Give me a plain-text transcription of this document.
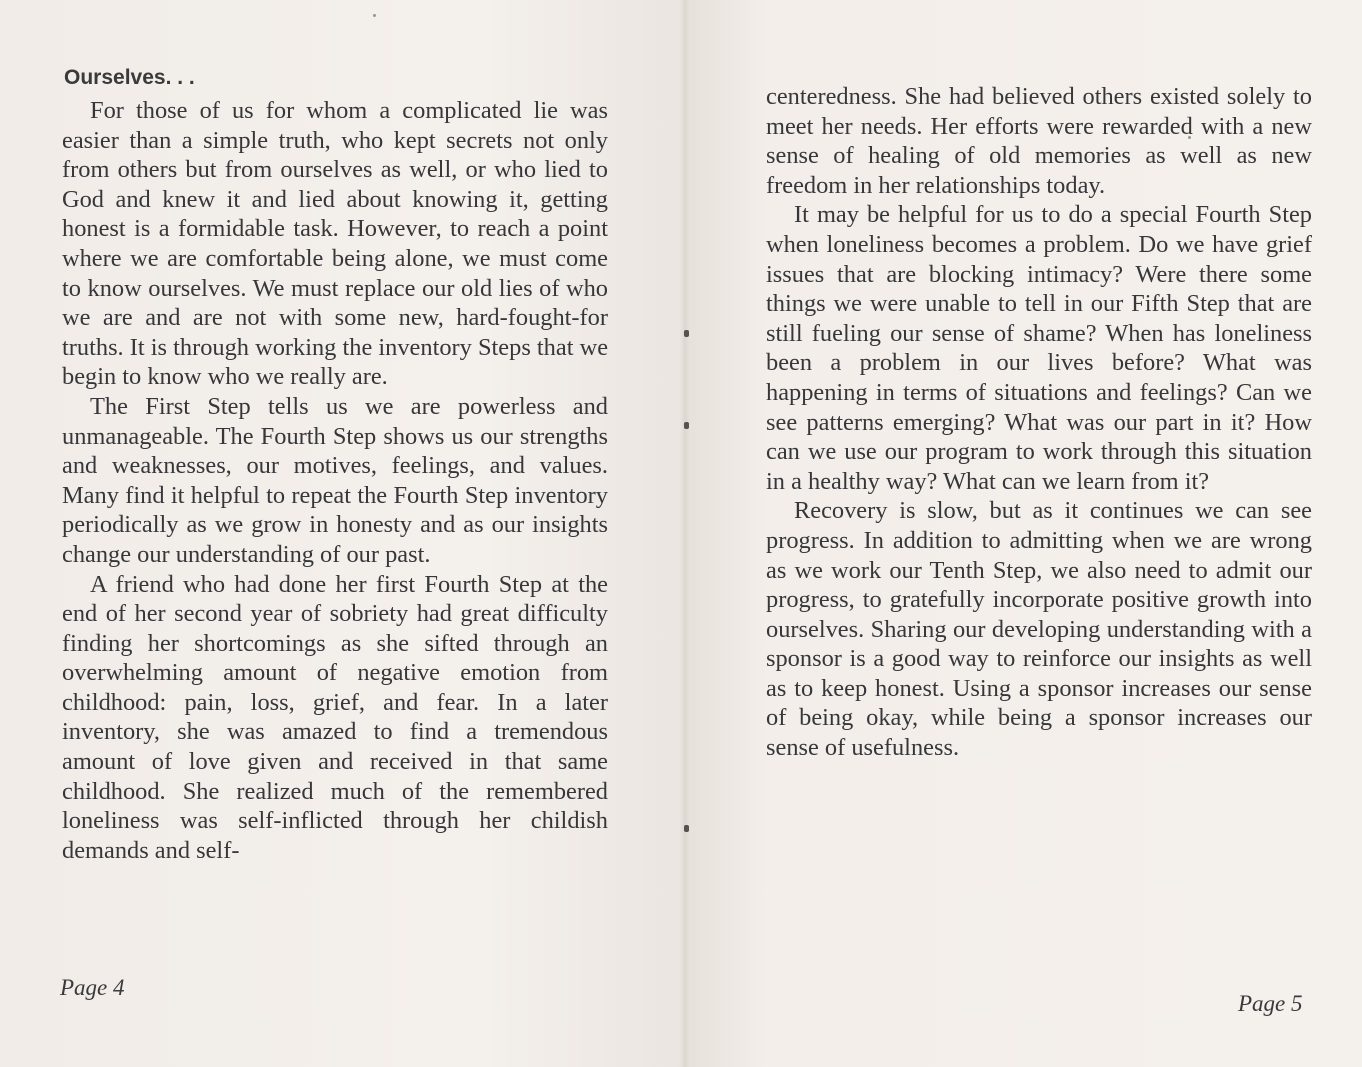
Ourselves. . .

For those of us for whom a complicated lie was easier than a simple truth, who kept secrets not only from others but from ourselves as well, or who lied to God and knew it and lied about knowing it, getting honest is a formidable task. However, to reach a point where we are comfortable being alone, we must come to know ourselves. We must replace our old lies of who we are and are not with some new, hard-fought-for truths. It is through working the inventory Steps that we begin to know who we really are.

The First Step tells us we are powerless and unmanageable. The Fourth Step shows us our strengths and weaknesses, our motives, feelings, and values. Many find it helpful to repeat the Fourth Step inventory periodically as we grow in honesty and as our insights change our understanding of our past.

A friend who had done her first Fourth Step at the end of her second year of sobriety had great difficulty finding her shortcomings as she sifted through an overwhelming amount of negative emotion from childhood: pain, loss, grief, and fear. In a later inventory, she was amazed to find a tremendous amount of love given and received in that same childhood. She realized much of the remembered loneliness was self-inflicted through her childish demands and self-

centeredness. She had believed others existed solely to meet her needs. Her efforts were rewarded with a new sense of healing of old memories as well as new freedom in her relationships today.

It may be helpful for us to do a special Fourth Step when loneliness becomes a problem. Do we have grief issues that are blocking intimacy? Were there some things we were unable to tell in our Fifth Step that are still fueling our sense of shame? When has loneliness been a problem in our lives before? What was happening in terms of situations and feelings? Can we see patterns emerging? What was our part in it? How can we use our program to work through this situation in a healthy way? What can we learn from it?

Recovery is slow, but as it continues we can see progress. In addition to admitting when we are wrong as we work our Tenth Step, we also need to admit our progress, to gratefully incorporate positive growth into ourselves. Sharing our developing understanding with a sponsor is a good way to reinforce our insights as well as to keep honest. Using a sponsor increases our sense of being okay, while being a sponsor increases our sense of usefulness.

Page 4
Page 5
